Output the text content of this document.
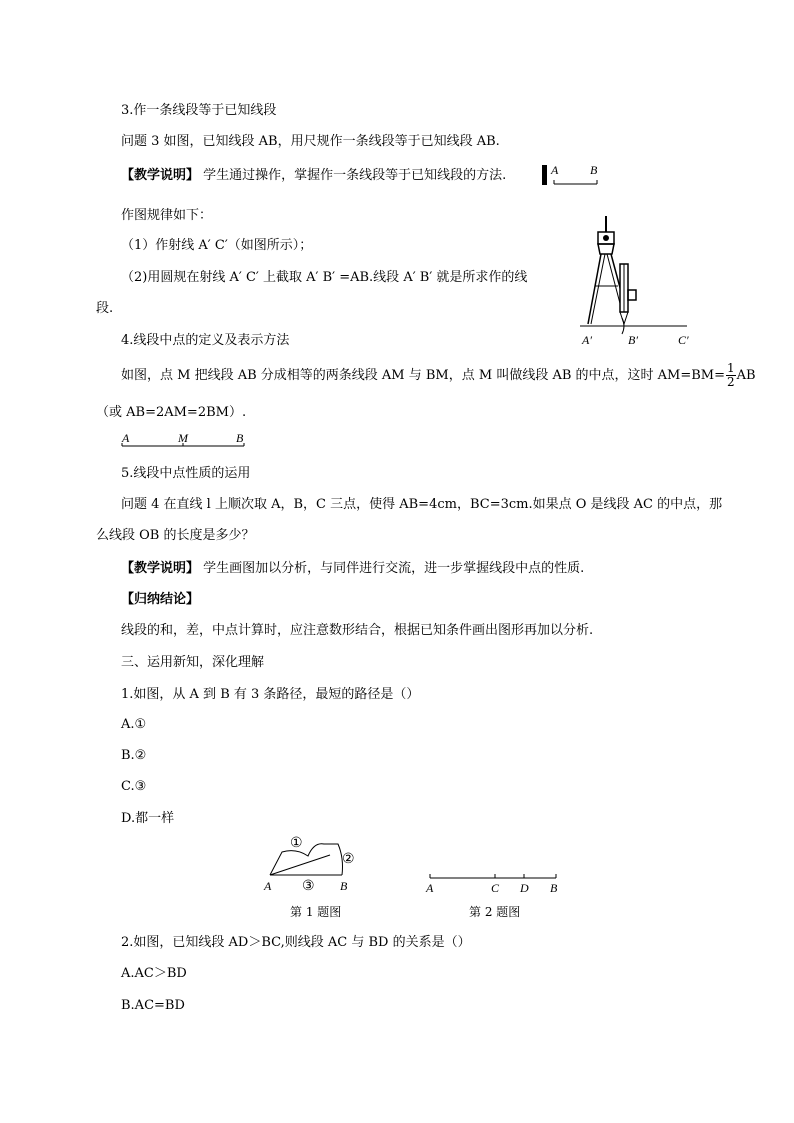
3.作一条线段等于已知线段
问题 3 如图，已知线段 AB，用尺规作一条线段等于已知线段 AB.
【教学说明】 学生通过操作，掌握作一条线段等于已知线段的方法.	A	B
作图规律如下：
（1）作射线 A′ C′（如图所示）；
（2)用圆规在射线 A′ C′ 上截取 A′ B′ =AB.线段 A′ B′ 就是所求作的线
段.
A′	B′	C′
4.线段中点的定义及表示方法
如图，点 M 把线段 AB 分成相等的两条线段 AM 与 BM，点 M 叫做线段 AB 的中点，这时 $AM=BM= \frac{1}{2}$ AB
（或 AB=2AM=2BM）.
A	M	B
5.线段中点性质的运用
问题 4 在直线 l 上顺次取 A，B，C 三点，使得 AB=4cm，BC=3cm.如果点 O 是线段 AC 的中点，那
么线段 OB 的长度是多少？
【教学说明】 学生画图加以分析，与同伴进行交流，进一步掌握线段中点的性质.
【归纳结论】
线段的和，差，中点计算时，应注意数形结合，根据已知条件画出图形再加以分析.
三、运用新知，深化理解
1.如图，从 A 到 B 有 3 条路径，最短的路径是（）
A.①
B.②
C.③
D.都一样
①
②
③
A	B
第 1 题图
A	C D B
第 2 题图
2.如图，已知线段 AD＞BC,则线段 AC 与 BD 的关系是（）
A.AC＞BD
B.AC=BD
